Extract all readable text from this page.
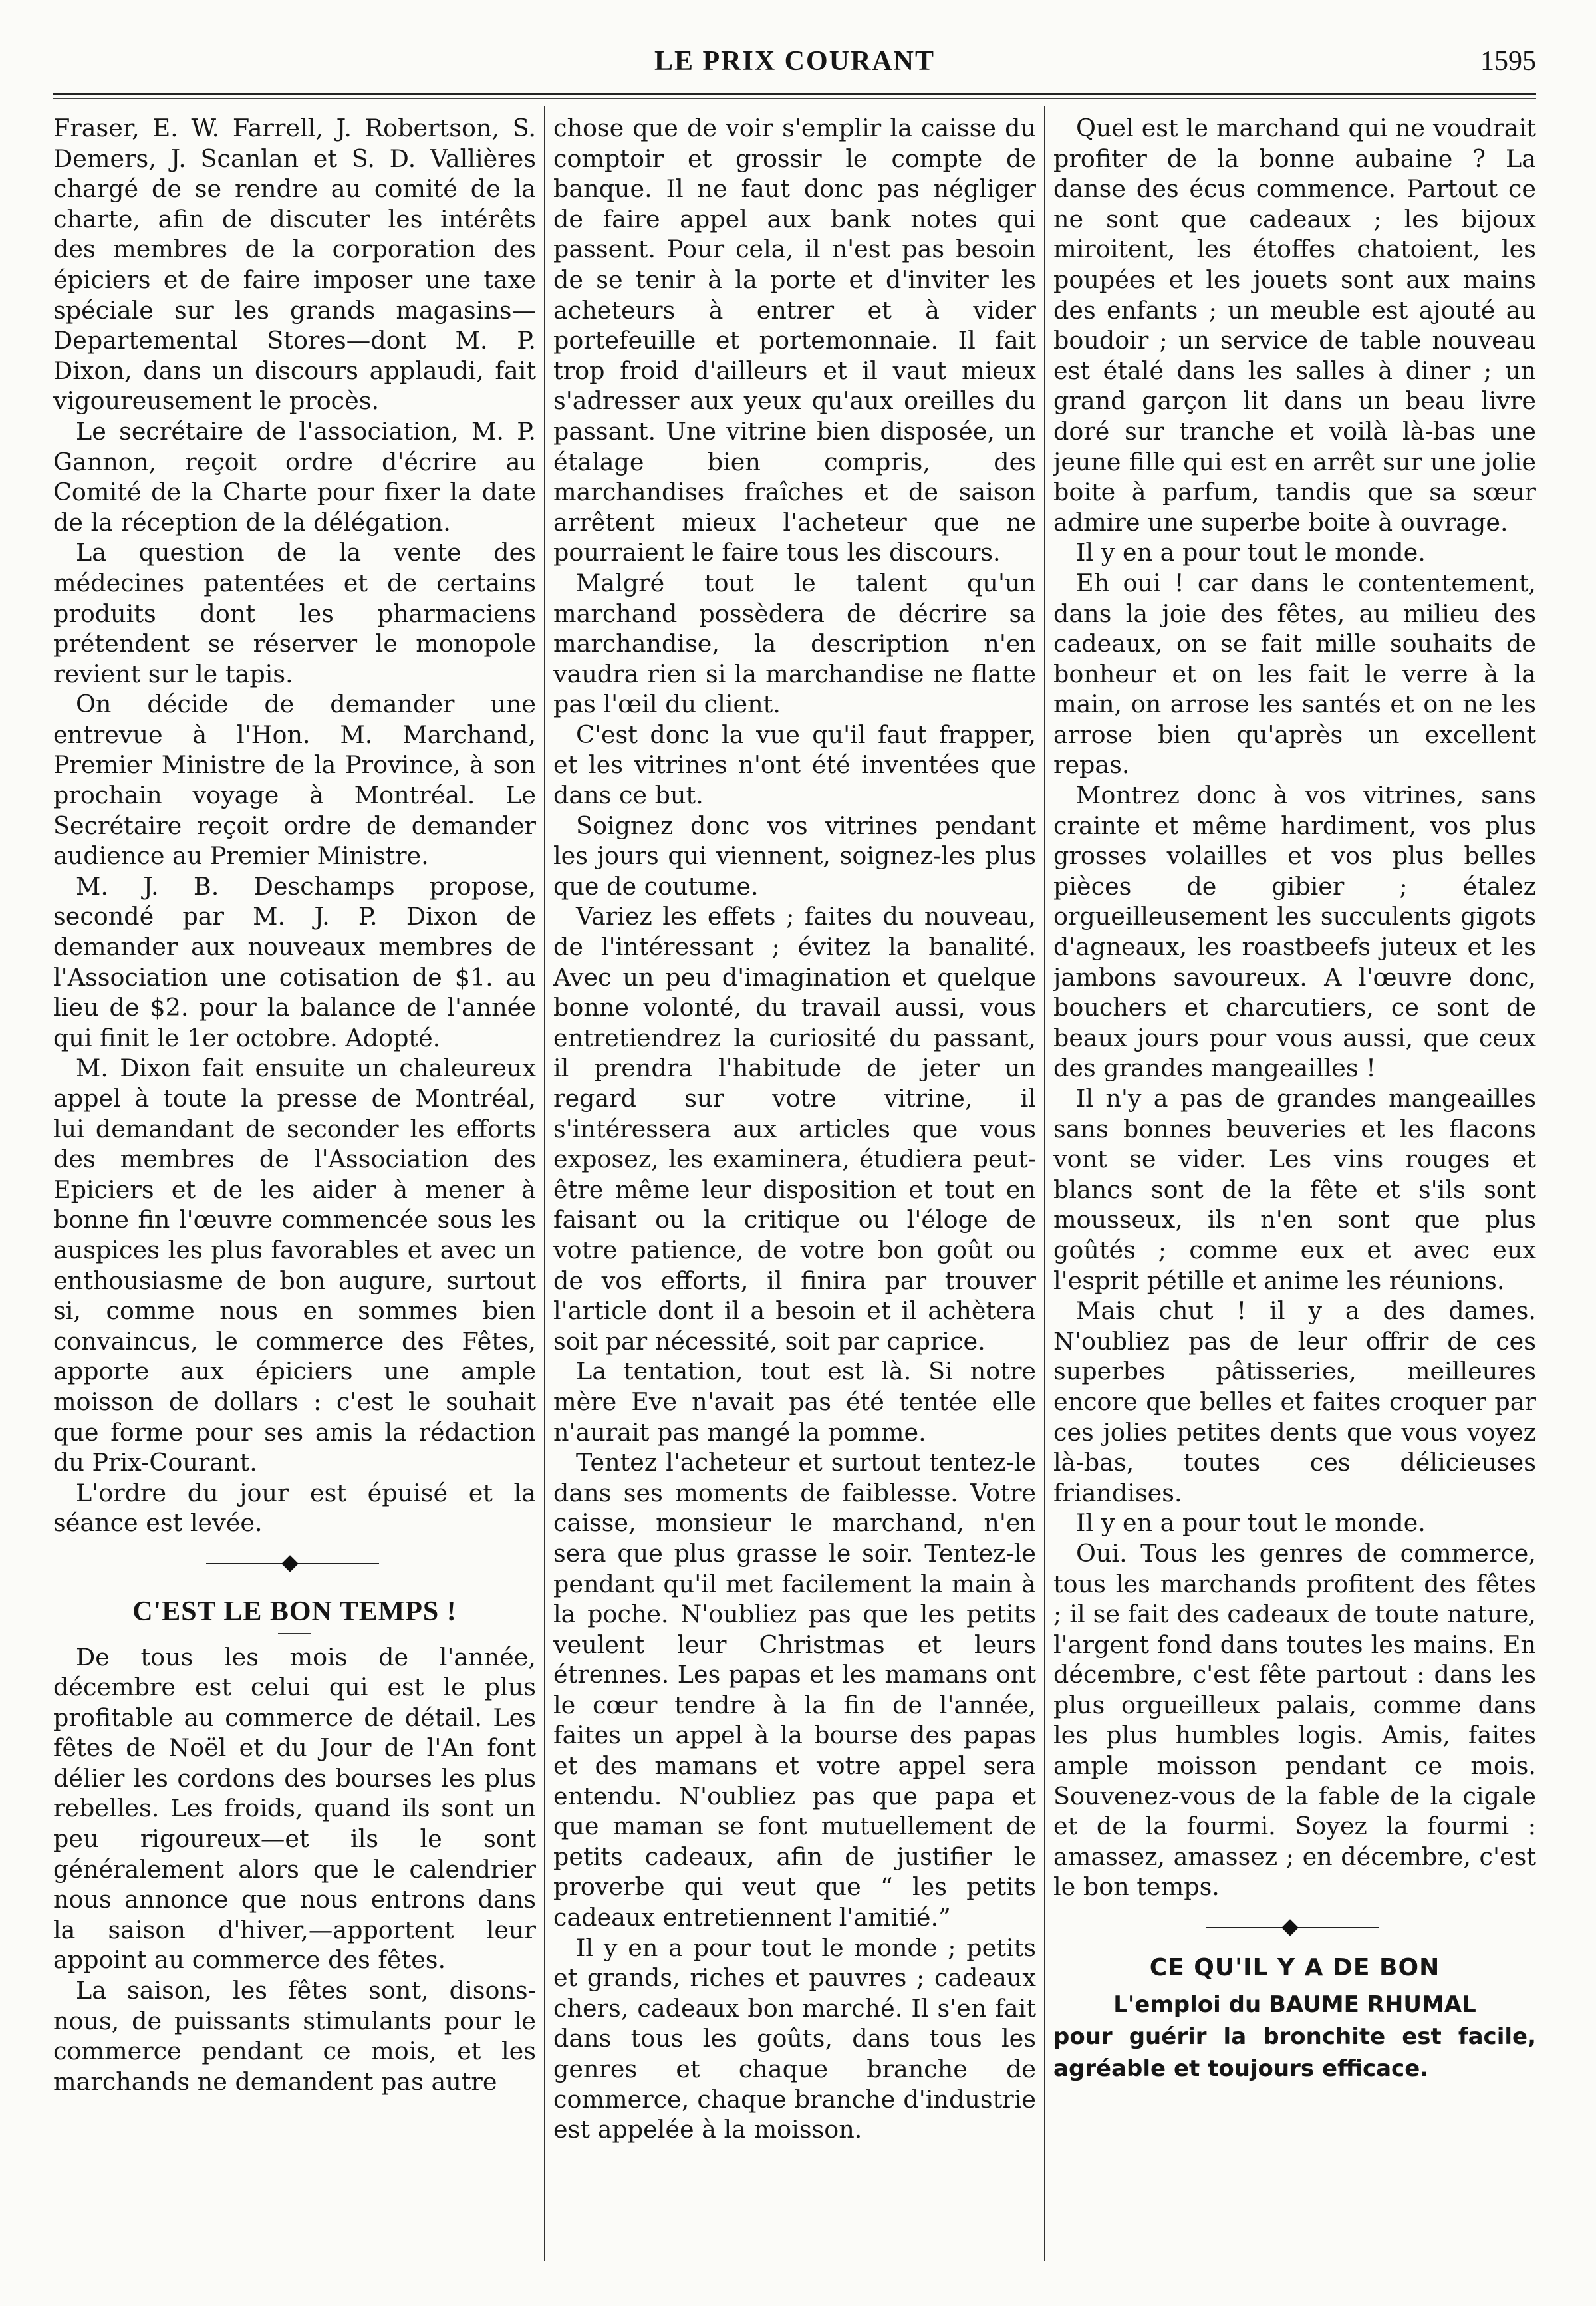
LE PRIX COURANT	1595

Fraser, E. W. Farrell, J. Robertson, S. Demers, J. Scanlan et S. D. Vallières chargé de se rendre au comité de la charte, afin de discuter les intérêts des membres de la corporation des épiciers et de faire imposer une taxe spéciale sur les grands magasins—Departemental Stores—dont M. P. Dixon, dans un discours applaudi, fait vigoureusement le procès.

Le secrétaire de l'association, M. P. Gannon, reçoit ordre d'écrire au Comité de la Charte pour fixer la date de la réception de la délégation.

La question de la vente des médecines patentées et de certains produits dont les pharmaciens prétendent se réserver le monopole revient sur le tapis.

On décide de demander une entrevue à l'Hon. M. Marchand, Premier Ministre de la Province, à son prochain voyage à Montréal. Le Secrétaire reçoit ordre de demander audience au Premier Ministre.

M. J. B. Deschamps propose, secondé par M. J. P. Dixon de demander aux nouveaux membres de l'Association une cotisation de $1. au lieu de $2. pour la balance de l'année qui finit le 1er octobre. Adopté.

M. Dixon fait ensuite un chaleureux appel à toute la presse de Montréal, lui demandant de seconder les efforts des membres de l'Association des Epiciers et de les aider à mener à bonne fin l'œuvre commencée sous les auspices les plus favorables et avec un enthousiasme de bon augure, surtout si, comme nous en sommes bien convaincus, le commerce des Fêtes, apporte aux épiciers une ample moisson de dollars : c'est le souhait que forme pour ses amis la rédaction du Prix-Courant.

L'ordre du jour est épuisé et la séance est levée.

C'EST LE BON TEMPS !

De tous les mois de l'année, décembre est celui qui est le plus profitable au commerce de détail. Les fêtes de Noël et du Jour de l'An font délier les cordons des bourses les plus rebelles. Les froids, quand ils sont un peu rigoureux—et ils le sont généralement alors que le calendrier nous annonce que nous entrons dans la saison d'hiver,—apportent leur appoint au commerce des fêtes.

La saison, les fêtes sont, disons-nous, de puissants stimulants pour le commerce pendant ce mois, et les marchands ne demandent pas autre

chose que de voir s'emplir la caisse du comptoir et grossir le compte de banque. Il ne faut donc pas négliger de faire appel aux bank notes qui passent. Pour cela, il n'est pas besoin de se tenir à la porte et d'inviter les acheteurs à entrer et à vider portefeuille et portemonnaie. Il fait trop froid d'ailleurs et il vaut mieux s'adresser aux yeux qu'aux oreilles du passant. Une vitrine bien disposée, un étalage bien compris, des marchandises fraîches et de saison arrêtent mieux l'acheteur que ne pourraient le faire tous les discours.

Malgré tout le talent qu'un marchand possèdera de décrire sa marchandise, la description n'en vaudra rien si la marchandise ne flatte pas l'œil du client.

C'est donc la vue qu'il faut frapper, et les vitrines n'ont été inventées que dans ce but.

Soignez donc vos vitrines pendant les jours qui viennent, soignez-les plus que de coutume.

Variez les effets ; faites du nouveau, de l'intéressant ; évitez la banalité. Avec un peu d'imagination et quelque bonne volonté, du travail aussi, vous entretiendrez la curiosité du passant, il prendra l'habitude de jeter un regard sur votre vitrine, il s'intéressera aux articles que vous exposez, les examinera, étudiera peut-être même leur disposition et tout en faisant ou la critique ou l'éloge de votre patience, de votre bon goût ou de vos efforts, il finira par trouver l'article dont il a besoin et il achètera soit par nécessité, soit par caprice.

La tentation, tout est là. Si notre mère Eve n'avait pas été tentée elle n'aurait pas mangé la pomme.

Tentez l'acheteur et surtout tentez-le dans ses moments de faiblesse. Votre caisse, monsieur le marchand, n'en sera que plus grasse le soir. Tentez-le pendant qu'il met facilement la main à la poche. N'oubliez pas que les petits veulent leur Christmas et leurs étrennes. Les papas et les mamans ont le cœur tendre à la fin de l'année, faites un appel à la bourse des papas et des mamans et votre appel sera entendu. N'oubliez pas que papa et que maman se font mutuellement de petits cadeaux, afin de justifier le proverbe qui veut que “ les petits cadeaux entretiennent l'amitié.”

Il y en a pour tout le monde ; petits et grands, riches et pauvres ; cadeaux chers, cadeaux bon marché. Il s'en fait dans tous les goûts, dans tous les genres et chaque branche de commerce, chaque branche d'industrie est appelée à la moisson.

Quel est le marchand qui ne voudrait profiter de la bonne aubaine ? La danse des écus commence. Partout ce ne sont que cadeaux ; les bijoux miroitent, les étoffes chatoient, les poupées et les jouets sont aux mains des enfants ; un meuble est ajouté au boudoir ; un service de table nouveau est étalé dans les salles à diner ; un grand garçon lit dans un beau livre doré sur tranche et voilà là-bas une jeune fille qui est en arrêt sur une jolie boite à parfum, tandis que sa sœur admire une superbe boite à ouvrage.

Il y en a pour tout le monde.

Eh oui ! car dans le contentement, dans la joie des fêtes, au milieu des cadeaux, on se fait mille souhaits de bonheur et on les fait le verre à la main, on arrose les santés et on ne les arrose bien qu'après un excellent repas.

Montrez donc à vos vitrines, sans crainte et même hardiment, vos plus grosses volailles et vos plus belles pièces de gibier ; étalez orgueilleusement les succulents gigots d'agneaux, les roastbeefs juteux et les jambons savoureux. A l'œuvre donc, bouchers et charcutiers, ce sont de beaux jours pour vous aussi, que ceux des grandes mangeailles !

Il n'y a pas de grandes mangeailles sans bonnes beuveries et les flacons vont se vider. Les vins rouges et blancs sont de la fête et s'ils sont mousseux, ils n'en sont que plus goûtés ; comme eux et avec eux l'esprit pétille et anime les réunions.

Mais chut ! il y a des dames. N'oubliez pas de leur offrir de ces superbes pâtisseries, meilleures encore que belles et faites croquer par ces jolies petites dents que vous voyez là-bas, toutes ces délicieuses friandises.

Il y en a pour tout le monde.

Oui. Tous les genres de commerce, tous les marchands profitent des fêtes ; il se fait des cadeaux de toute nature, l'argent fond dans toutes les mains. En décembre, c'est fête partout : dans les plus orgueilleux palais, comme dans les plus humbles logis. Amis, faites ample moisson pendant ce mois. Souvenez-vous de la fable de la cigale et de la fourmi. Soyez la fourmi : amassez, amassez ; en décembre, c'est le bon temps.

CE QU'IL Y A DE BON
L'emploi du BAUME RHUMAL
pour guérir la bronchite est facile, agréable et toujours efficace.
